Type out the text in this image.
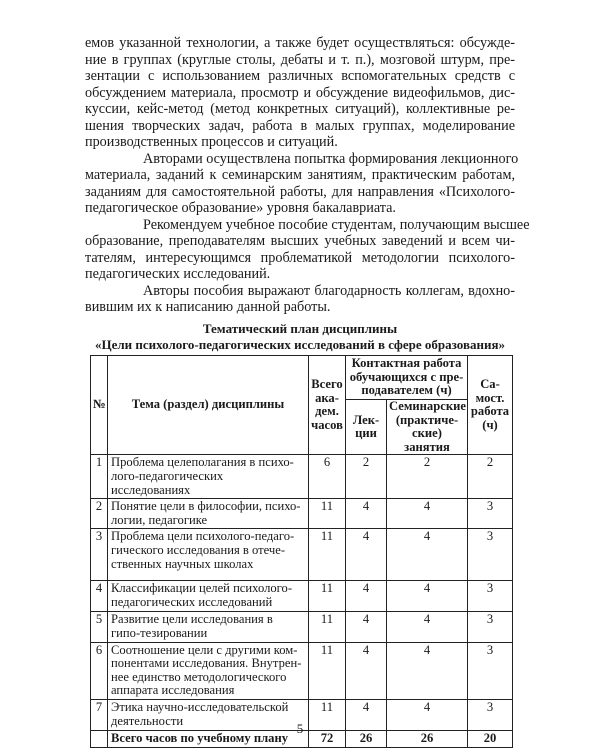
емов указанной технологии, а также будет осуществляться: обсужде-
ние в группах (круглые столы, дебаты и т. п.), мозговой штурм, пре-
зентации с использованием различных вспомогательных средств с
обсуждением материала, просмотр и обсуждение видеофильмов, дис-
куссии, кейс-метод (метод конкретных ситуаций), коллективные ре-
шения творческих задач, работа в малых группах, моделирование
производственных процессов и ситуаций.
Авторами осуществлена попытка формирования лекционного
материала, заданий к семинарским занятиям, практическим работам,
заданиям для самостоятельной работы, для направления «Психолого-
педагогическое образование» уровня бакалавриата.
Рекомендуем учебное пособие студентам, получающим высшее
образование, преподавателям высших учебных заведений и всем чи-
тателям, интересующимся проблематикой методологии психолого-
педагогических исследований.
Авторы пособия выражают благодарность коллегам, вдохно-
вившим их к написанию данной работы.
Тематический план дисциплины
«Цели психолого-педагогических исследований в сфере образования»
№	Тема (раздел) дисциплины	Всего ака-дем. часов	Контактная работа обучающихся с пре-подавателем (ч)		Са-мост. работа (ч)
			Лек-ции	Семинарские (практиче-ские) занятия	
1	Проблема целеполагания в психо-лого-педагогических исследованиях	6	2	2	2
2	Понятие цели в философии, психо-логии, педагогике	11	4	4	3
3	Проблема цели психолого-педаго-гического исследования в отече-ственных научных школах	11	4	4	3
4	Классификации целей психолого-педагогических исследований	11	4	4	3
5	Развитие цели исследования в гипо-тезировании	11	4	4	3
6	Соотношение цели с другими ком-понентами исследования. Внутрен-нее единство методологического аппарата исследования	11	4	4	3
7	Этика научно-исследовательской деятельности	11	4	4	3
	Всего часов по учебному плану	72	26	26	20
5
